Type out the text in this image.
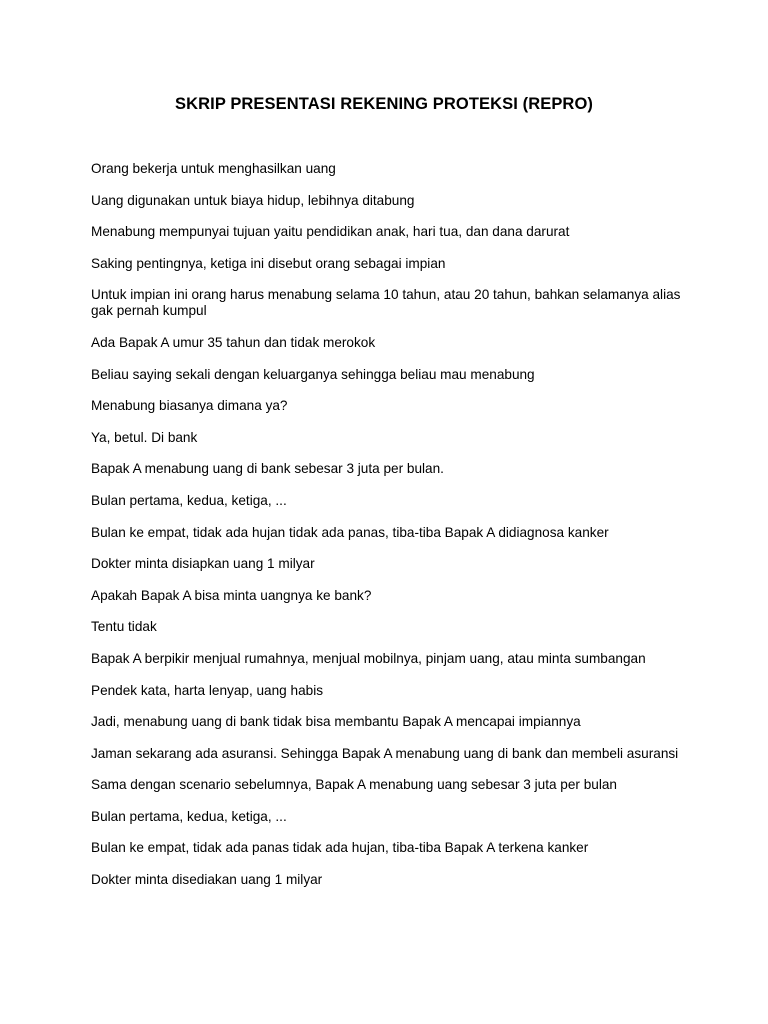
SKRIP PRESENTASI REKENING PROTEKSI (REPRO)

Orang bekerja untuk menghasilkan uang

Uang digunakan untuk biaya hidup, lebihnya ditabung

Menabung mempunyai tujuan yaitu pendidikan anak, hari tua, dan dana darurat

Saking pentingnya, ketiga ini disebut orang sebagai impian

Untuk impian ini orang harus menabung selama 10 tahun, atau 20 tahun, bahkan selamanya alias gak pernah kumpul

Ada Bapak A umur 35 tahun dan tidak merokok

Beliau saying sekali dengan keluarganya sehingga beliau mau menabung

Menabung biasanya dimana ya?

Ya, betul. Di bank

Bapak A menabung uang di bank sebesar 3 juta per bulan.

Bulan pertama, kedua, ketiga, ...

Bulan ke empat, tidak ada hujan tidak ada panas, tiba-tiba Bapak A didiagnosa kanker

Dokter minta disiapkan uang 1 milyar

Apakah Bapak A bisa minta uangnya ke bank?

Tentu tidak

Bapak A berpikir menjual rumahnya, menjual mobilnya, pinjam uang, atau minta sumbangan

Pendek kata, harta lenyap, uang habis

Jadi, menabung uang di bank tidak bisa membantu Bapak A mencapai impiannya

Jaman sekarang ada asuransi. Sehingga Bapak A menabung uang di bank dan membeli asuransi

Sama dengan scenario sebelumnya, Bapak A menabung uang sebesar 3 juta per bulan

Bulan pertama, kedua, ketiga, ...

Bulan ke empat, tidak ada panas tidak ada hujan, tiba-tiba Bapak A terkena kanker

Dokter minta disediakan uang 1 milyar
